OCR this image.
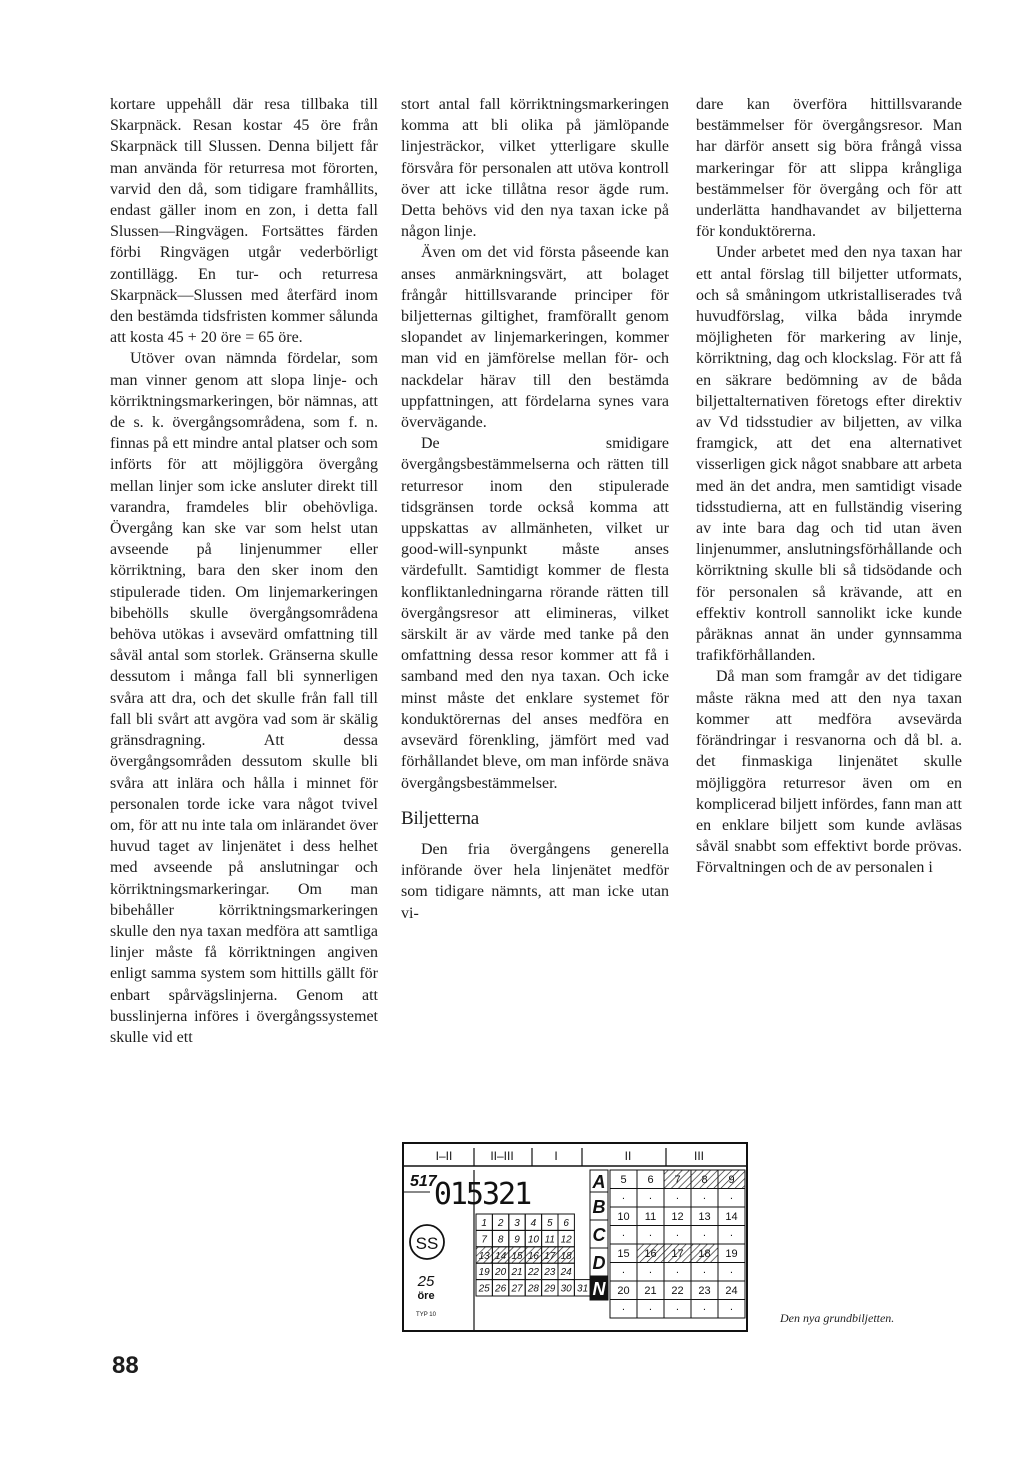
kortare uppehåll där resa tillbaka till Skarpnäck. Resan kostar 45 öre från Skarpnäck till Slussen. Denna biljett får man använda för returresa mot förorten, varvid den då, som tidigare framhållits, endast gäller inom en zon, i detta fall Slussen—Ringvägen. Fortsättes färden förbi Ringvägen utgår vederbörligt zontillägg. En tur- och returresa Skarpnäck—Slussen med återfärd inom den bestämda tidsfristen kommer sålunda att kosta 45 + 20 öre = 65 öre.

Utöver ovan nämnda fördelar, som man vinner genom att slopa linje- och körriktningsmarkeringen, bör nämnas, att de s. k. övergångsområdena, som f. n. finnas på ett mindre antal platser och som införts för att möjliggöra övergång mellan linjer som icke ansluter direkt till varandra, framdeles blir obehövliga. Övergång kan ske var som helst utan avseende på linjenummer eller körriktning, bara den sker inom den stipulerade tiden. Om linjemarkeringen bibehölls skulle övergångsområdena behöva utökas i avsevärd omfattning till såväl antal som storlek. Gränserna skulle dessutom i många fall bli synnerligen svåra att dra, och det skulle från fall till fall bli svårt att avgöra vad som är skälig gränsdragning. Att dessa övergångsområden dessutom skulle bli svåra att inlära och hålla i minnet för personalen torde icke vara något tvivel om, för att nu inte tala om inlärandet över huvud taget av linjenätet i dess helhet med avseende på anslutningar och körriktningsmarkeringar. Om man bibehåller körriktningsmarkeringen skulle den nya taxan medföra att samtliga linjer måste få körriktningen angiven enligt samma system som hittills gällt för enbart spårvägslinjerna. Genom att busslinjerna införes i övergångssystemet skulle vid ett

stort antal fall körriktningsmarkeringen komma att bli olika på jämlöpande linjesträckor, vilket ytterligare skulle försvåra för personalen att utöva kontroll över att icke tillåtna resor ägde rum. Detta behövs vid den nya taxan icke på någon linje.

Även om det vid första påseende kan anses anmärkningsvärt, att bolaget frångår hittillsvarande principer för biljetternas giltighet, framförallt genom slopandet av linjemarkeringen, kommer man vid en jämförelse mellan för- och nackdelar härav till den bestämda uppfattningen, att fördelarna synes vara övervägande.

De smidigare övergångsbestämmelserna och rätten till returresor inom den stipulerade tidsgränsen torde också komma att uppskattas av allmänheten, vilket ur good-will-synpunkt måste anses värdefullt. Samtidigt kommer de flesta konfliktanledningarna rörande rätten till övergångsresor att elimineras, vilket särskilt är av värde med tanke på den omfattning dessa resor kommer att få i samband med den nya taxan. Och icke minst måste det enklare systemet för konduktörernas del anses medföra en avsevärd förenkling, jämfört med vad förhållandet bleve, om man införde snäva övergångsbestämmelser.

Biljetterna

Den fria övergångens generella införande över hela linjenätet medför som tidigare nämnts, att man icke utan vi-

dare kan överföra hittillsvarande bestämmelser för övergångsresor. Man har därför ansett sig böra frångå vissa markeringar för att slippa krångliga bestämmelser för övergång och för att underlätta handhavandet av biljetterna för konduktörerna.

Under arbetet med den nya taxan har ett antal förslag till biljetter utformats, och så småningom utkristalliserades två huvudförslag, vilka båda inrymde möjligheten för markering av linje, körriktning, dag och klockslag. För att få en säkrare bedömning av de båda biljettalternativen företogs efter direktiv av Vd tidsstudier av biljetten, av vilka framgick, att det ena alternativet visserligen gick något snabbare att arbeta med än det andra, men samtidigt visade tidsstudierna, att en fullständig visering av inte bara dag och tid utan även linjenummer, anslutningsförhållande och körriktning skulle bli så tidsödande och för personalen så krävande, att en effektiv kontroll sannolikt icke kunde påräknas annat än under gynnsamma trafikförhållanden.

Då man som framgår av det tidigare måste räkna med att den nya taxan kommer att medföra avsevärda förändringar i resvanorna och då bl. a. det finmaskiga linjenätet skulle möjliggöra returresor även om en komplicerad biljett infördes, fann man att en enklare biljett som kunde avläsas såväl snabbt som effektivt borde prövas. Förvaltningen och de av personalen i

I–II	II–III	I	II	III
517
015321
SS
25
öre
TYP 10
1 2 3 4 5 6
7 8 9 10 11 12
13 14 15 16 17 18
19 20 21 22 23 24
25 26 27 28 29 30 31
A
B
C
D
N
5 6 7 8 9
· · · · ·
10 11 12 13 14
· · · · ·
15 16 17 18 19
· · · · ·
20 21 22 23 24
· · · · ·
Den nya grundbiljetten.
88
